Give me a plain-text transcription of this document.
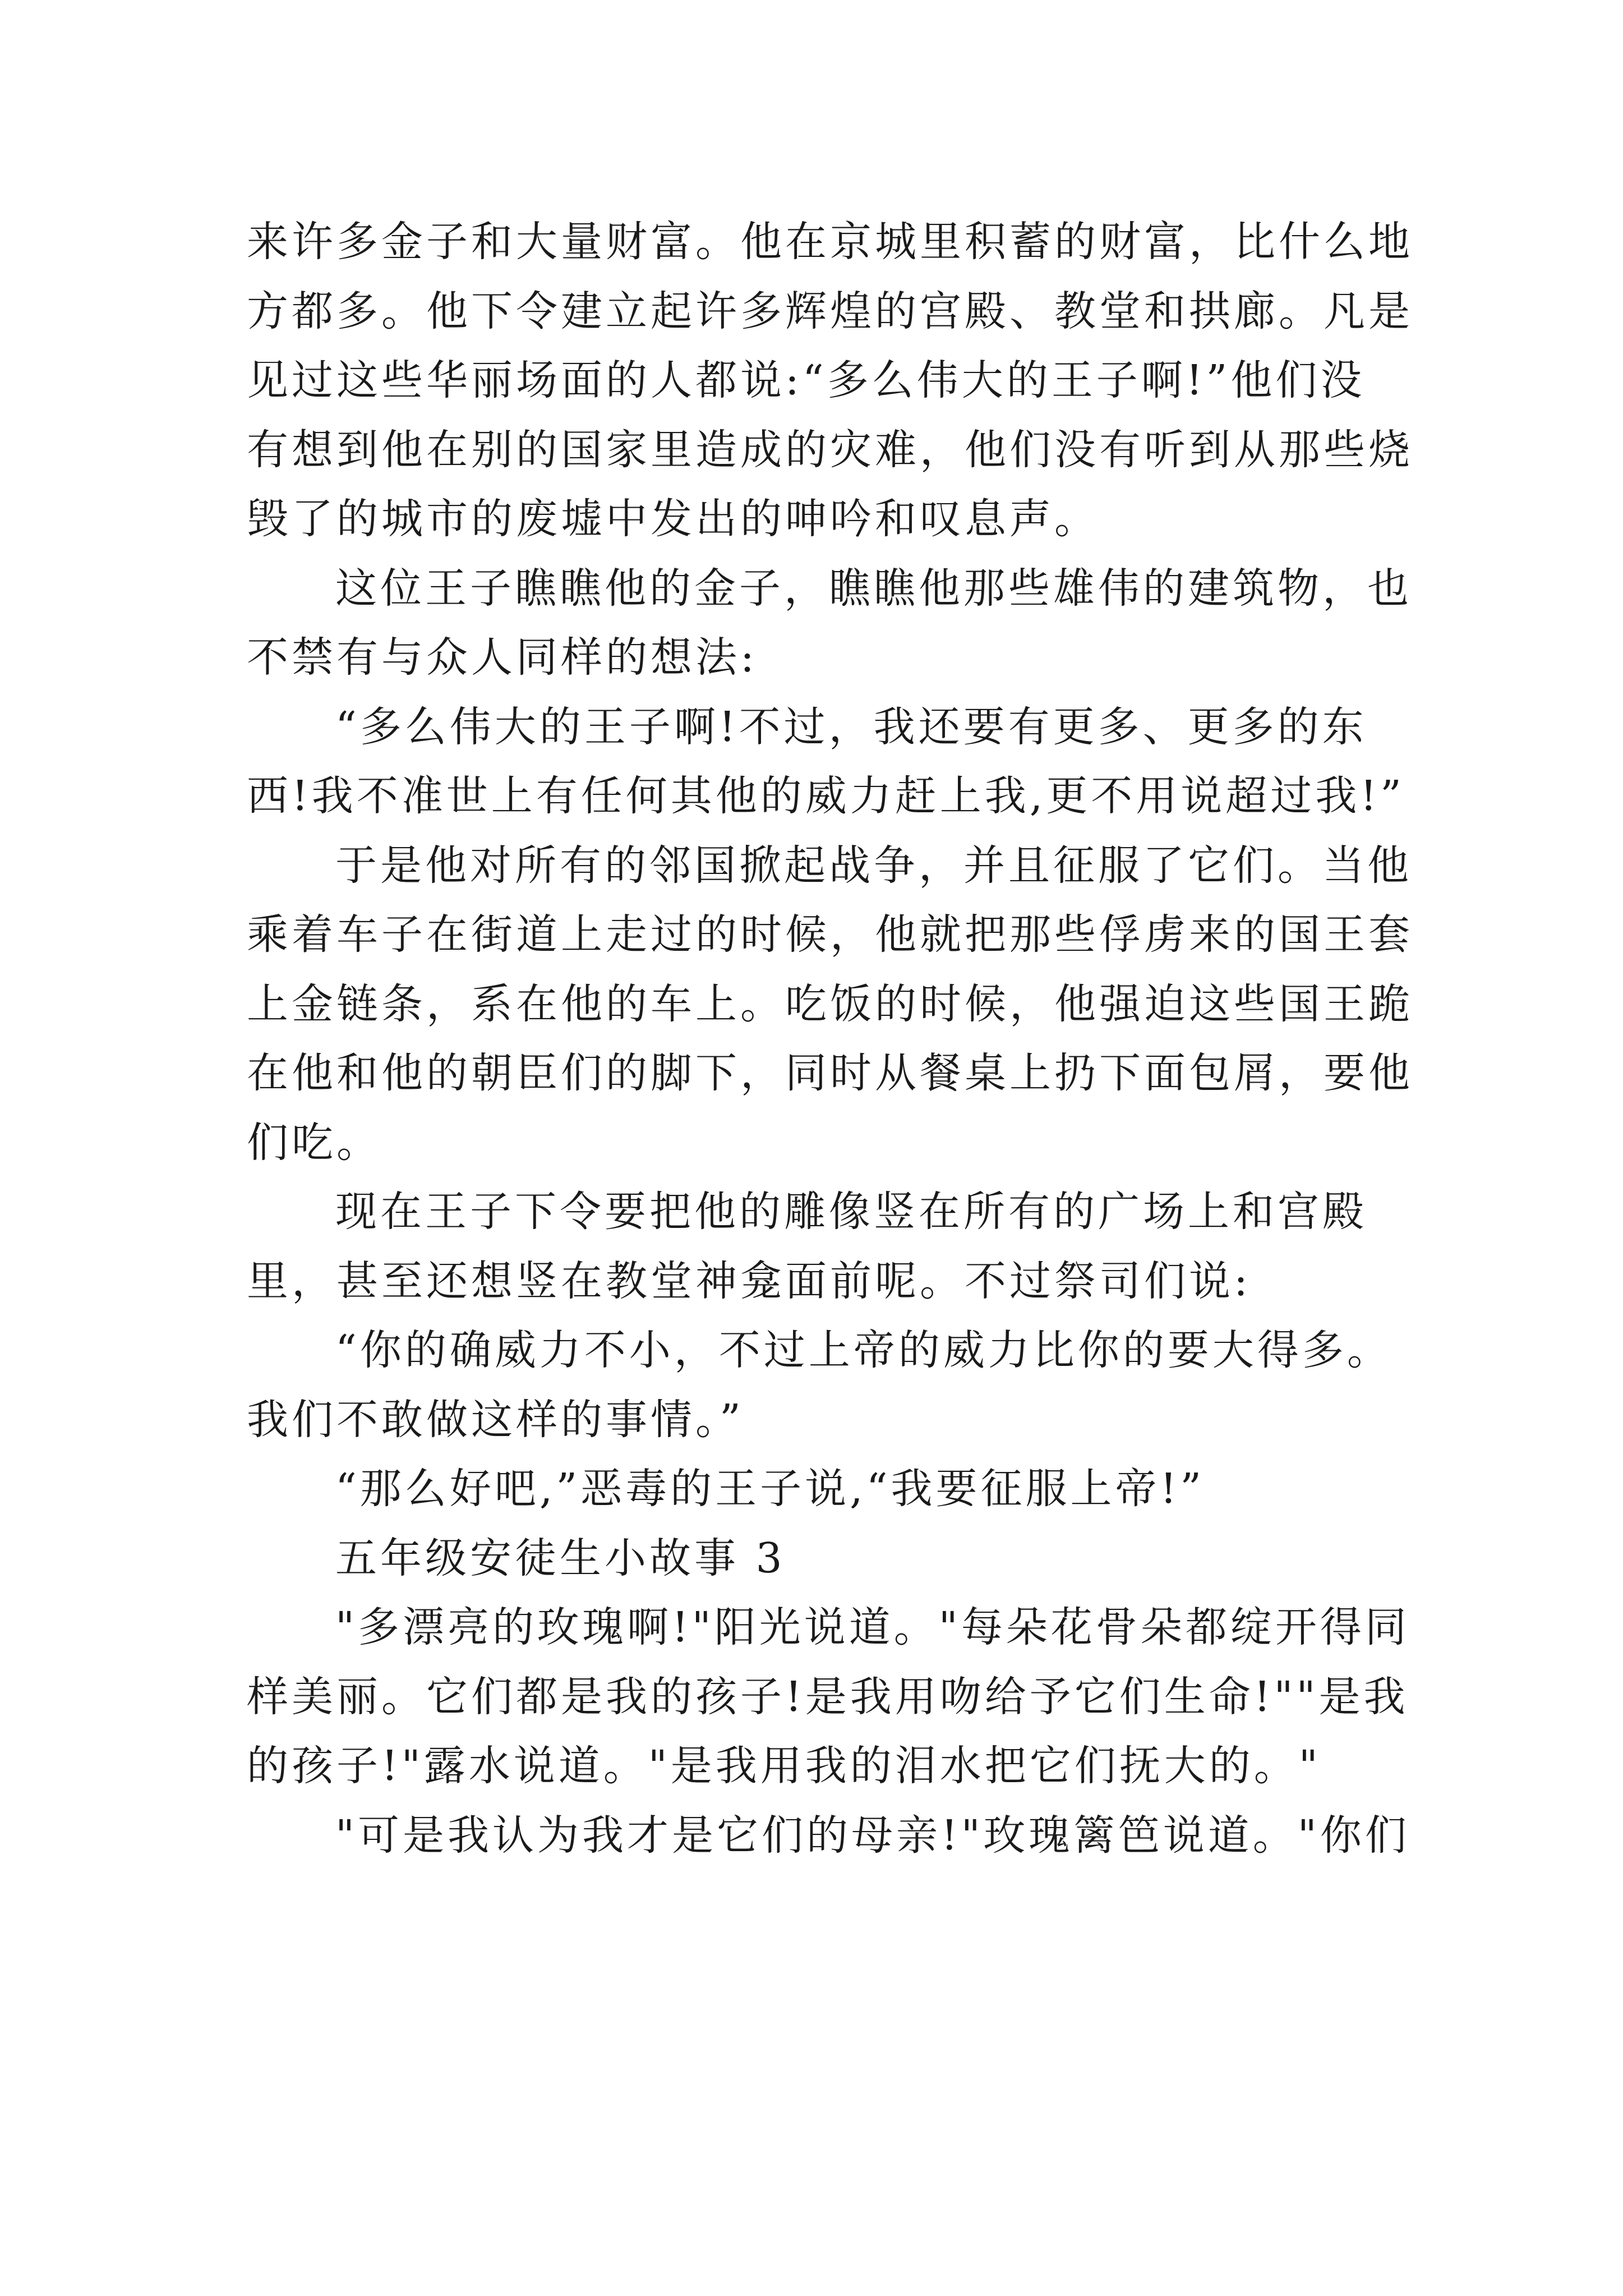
来许多金子和大量财富。他在京城里积蓄的财富，比什么地
方都多。他下令建立起许多辉煌的宫殿、教堂和拱廊。凡是
见过这些华丽场面的人都说:“多么伟大的王子啊!”他们没
有想到他在别的国家里造成的灾难，他们没有听到从那些烧
毁了的城市的废墟中发出的呻吟和叹息声。
这位王子瞧瞧他的金子，瞧瞧他那些雄伟的建筑物，也
不禁有与众人同样的想法:
“多么伟大的王子啊!不过，我还要有更多、更多的东
西!我不准世上有任何其他的威力赶上我,更不用说超过我!”
于是他对所有的邻国掀起战争，并且征服了它们。当他
乘着车子在街道上走过的时候，他就把那些俘虏来的国王套
上金链条，系在他的车上。吃饭的时候，他强迫这些国王跪
在他和他的朝臣们的脚下，同时从餐桌上扔下面包屑，要他
们吃。
现在王子下令要把他的雕像竖在所有的广场上和宫殿
里，甚至还想竖在教堂神龛面前呢。不过祭司们说:
“你的确威力不小，不过上帝的威力比你的要大得多。
我们不敢做这样的事情。”
“那么好吧,”恶毒的王子说,“我要征服上帝!”
五年级安徒生小故事 3
"多漂亮的玫瑰啊!"阳光说道。"每朵花骨朵都绽开得同
样美丽。它们都是我的孩子!是我用吻给予它们生命!""是我
的孩子!"露水说道。"是我用我的泪水把它们抚大的。"
"可是我认为我才是它们的母亲!"玫瑰篱笆说道。"你们
